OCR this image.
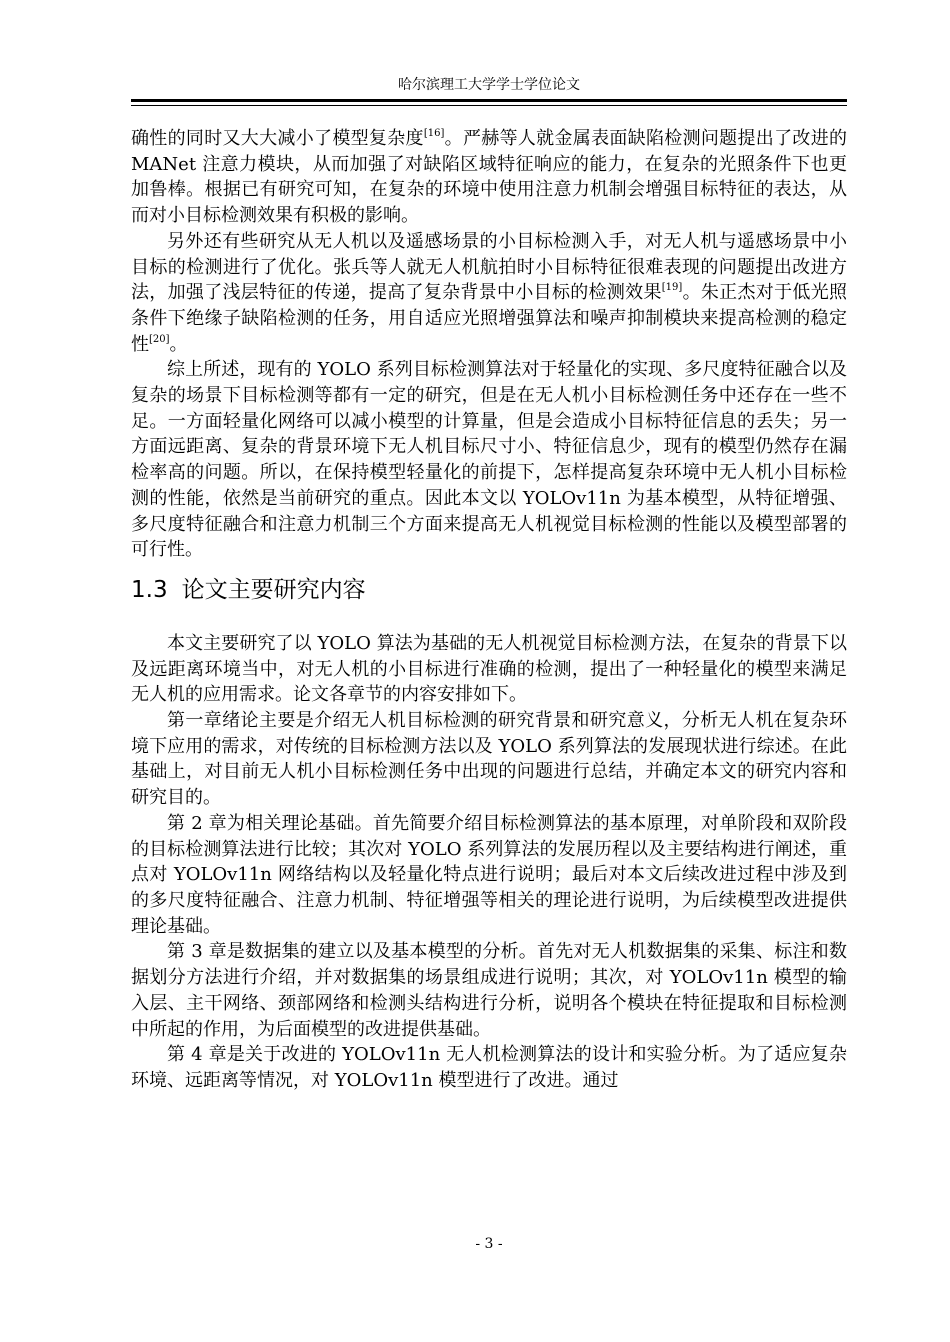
哈尔滨理工大学学士学位论文

确性的同时又大大减小了模型复杂度[16]。严赫等人就金属表面缺陷检测问题提出了改进的 MANet 注意力模块，从而加强了对缺陷区域特征响应的能力，在复杂的光照条件下也更加鲁棒。根据已有研究可知，在复杂的环境中使用注意力机制会增强目标特征的表达，从而对小目标检测效果有积极的影响。

另外还有些研究从无人机以及遥感场景的小目标检测入手，对无人机与遥感场景中小目标的检测进行了优化。张兵等人就无人机航拍时小目标特征很难表现的问题提出改进方法，加强了浅层特征的传递，提高了复杂背景中小目标的检测效果[19]。朱正杰对于低光照条件下绝缘子缺陷检测的任务，用自适应光照增强算法和噪声抑制模块来提高检测的稳定性[20]。

综上所述，现有的 YOLO 系列目标检测算法对于轻量化的实现、多尺度特征融合以及复杂的场景下目标检测等都有一定的研究，但是在无人机小目标检测任务中还存在一些不足。一方面轻量化网络可以减小模型的计算量，但是会造成小目标特征信息的丢失；另一方面远距离、复杂的背景环境下无人机目标尺寸小、特征信息少，现有的模型仍然存在漏检率高的问题。所以，在保持模型轻量化的前提下，怎样提高复杂环境中无人机小目标检测的性能，依然是当前研究的重点。因此本文以 YOLOv11n 为基本模型，从特征增强、多尺度特征融合和注意力机制三个方面来提高无人机视觉目标检测的性能以及模型部署的可行性。

1.3 论文主要研究内容

本文主要研究了以 YOLO 算法为基础的无人机视觉目标检测方法，在复杂的背景下以及远距离环境当中，对无人机的小目标进行准确的检测，提出了一种轻量化的模型来满足无人机的应用需求。论文各章节的内容安排如下。

第一章绪论主要是介绍无人机目标检测的研究背景和研究意义，分析无人机在复杂环境下应用的需求，对传统的目标检测方法以及 YOLO 系列算法的发展现状进行综述。在此基础上，对目前无人机小目标检测任务中出现的问题进行总结，并确定本文的研究内容和研究目的。

第 2 章为相关理论基础。首先简要介绍目标检测算法的基本原理，对单阶段和双阶段的目标检测算法进行比较；其次对 YOLO 系列算法的发展历程以及主要结构进行阐述，重点对 YOLOv11n 网络结构以及轻量化特点进行说明；最后对本文后续改进过程中涉及到的多尺度特征融合、注意力机制、特征增强等相关的理论进行说明，为后续模型改进提供理论基础。

第 3 章是数据集的建立以及基本模型的分析。首先对无人机数据集的采集、标注和数据划分方法进行介绍，并对数据集的场景组成进行说明；其次，对 YOLOv11n 模型的输入层、主干网络、颈部网络和检测头结构进行分析，说明各个模块在特征提取和目标检测中所起的作用，为后面模型的改进提供基础。

第 4 章是关于改进的 YOLOv11n 无人机检测算法的设计和实验分析。为了适应复杂环境、远距离等情况，对 YOLOv11n 模型进行了改进。通过

- 3 -
